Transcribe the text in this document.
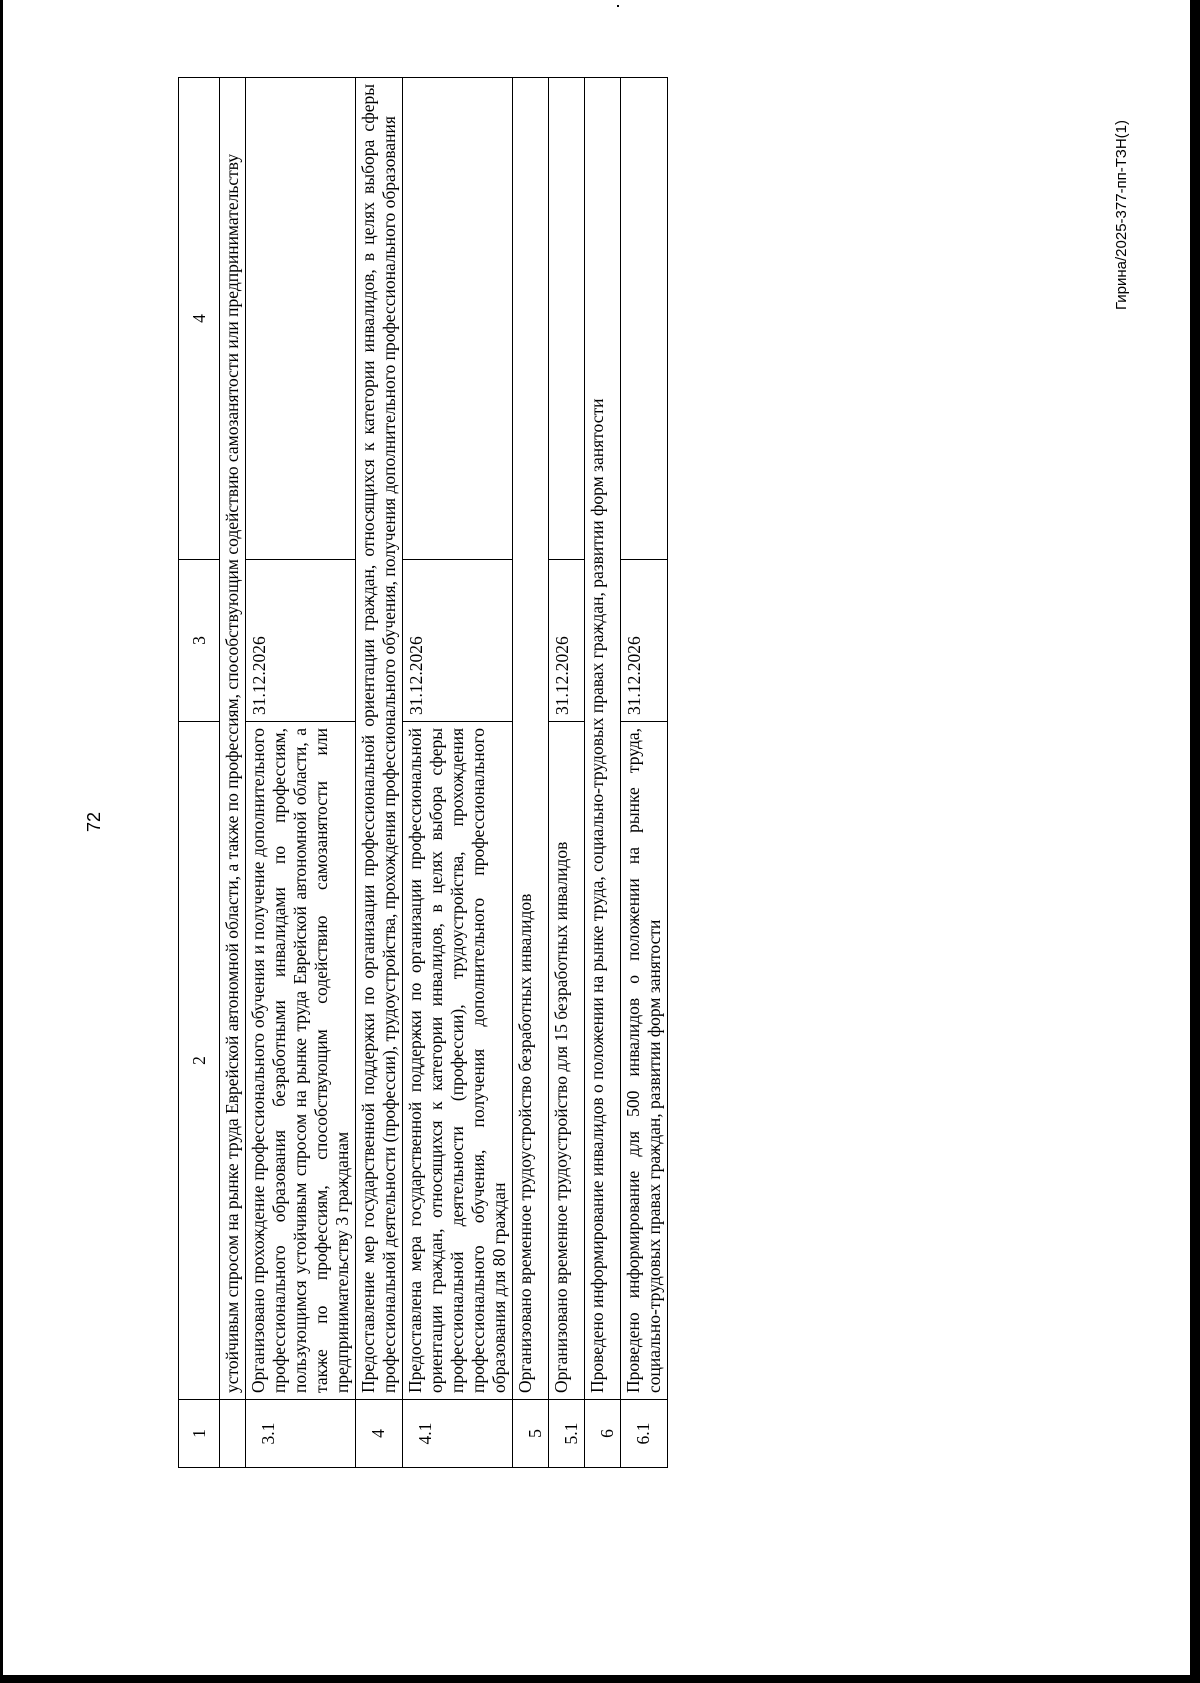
72
Гирина/2025-377-пп-ТЗН(1)
1	2	3	4
	устойчивым спросом на рынке труда Еврейской автономной области, а также по профессиям, способствующим содействию самозанятости или предпринимательству		
3.1	Организовано прохождение профессионального обучения и получение дополнительного профессионального образования безработными инвалидами по профессиям, пользующимся устойчивым спросом на рынке труда Еврейской автономной области, а также по профессиям, способствующим содействию самозанятости или предпринимательству 3 гражданам	31.12.2026	
4	Предоставление мер государственной поддержки по организации профессиональной ориентации граждан, относящихся к категории инвалидов, в целях выбора сферы профессиональной деятельности (профессии), трудоустройства, прохождения профессионального обучения, получения дополнительного профессионального образования		
4.1	Предоставлена мера государственной поддержки по организации профессиональной ориентации граждан, относящихся к категории инвалидов, в целях выбора сферы профессиональной деятельности (профессии), трудоустройства, прохождения профессионального обучения, получения дополнительного профессионального образования для 80 граждан	31.12.2026	
5	Организовано временное трудоустройство безработных инвалидов		
5.1	Организовано временное трудоустройство для 15 безработных инвалидов	31.12.2026	
6	Проведено информирование инвалидов о положении на рынке труда, социально-трудовых правах граждан, развитии форм занятости		
6.1	Проведено информирование для 500 инвалидов о положении на рынке труда, социально-трудовых правах граждан, развитии форм занятости	31.12.2026	
